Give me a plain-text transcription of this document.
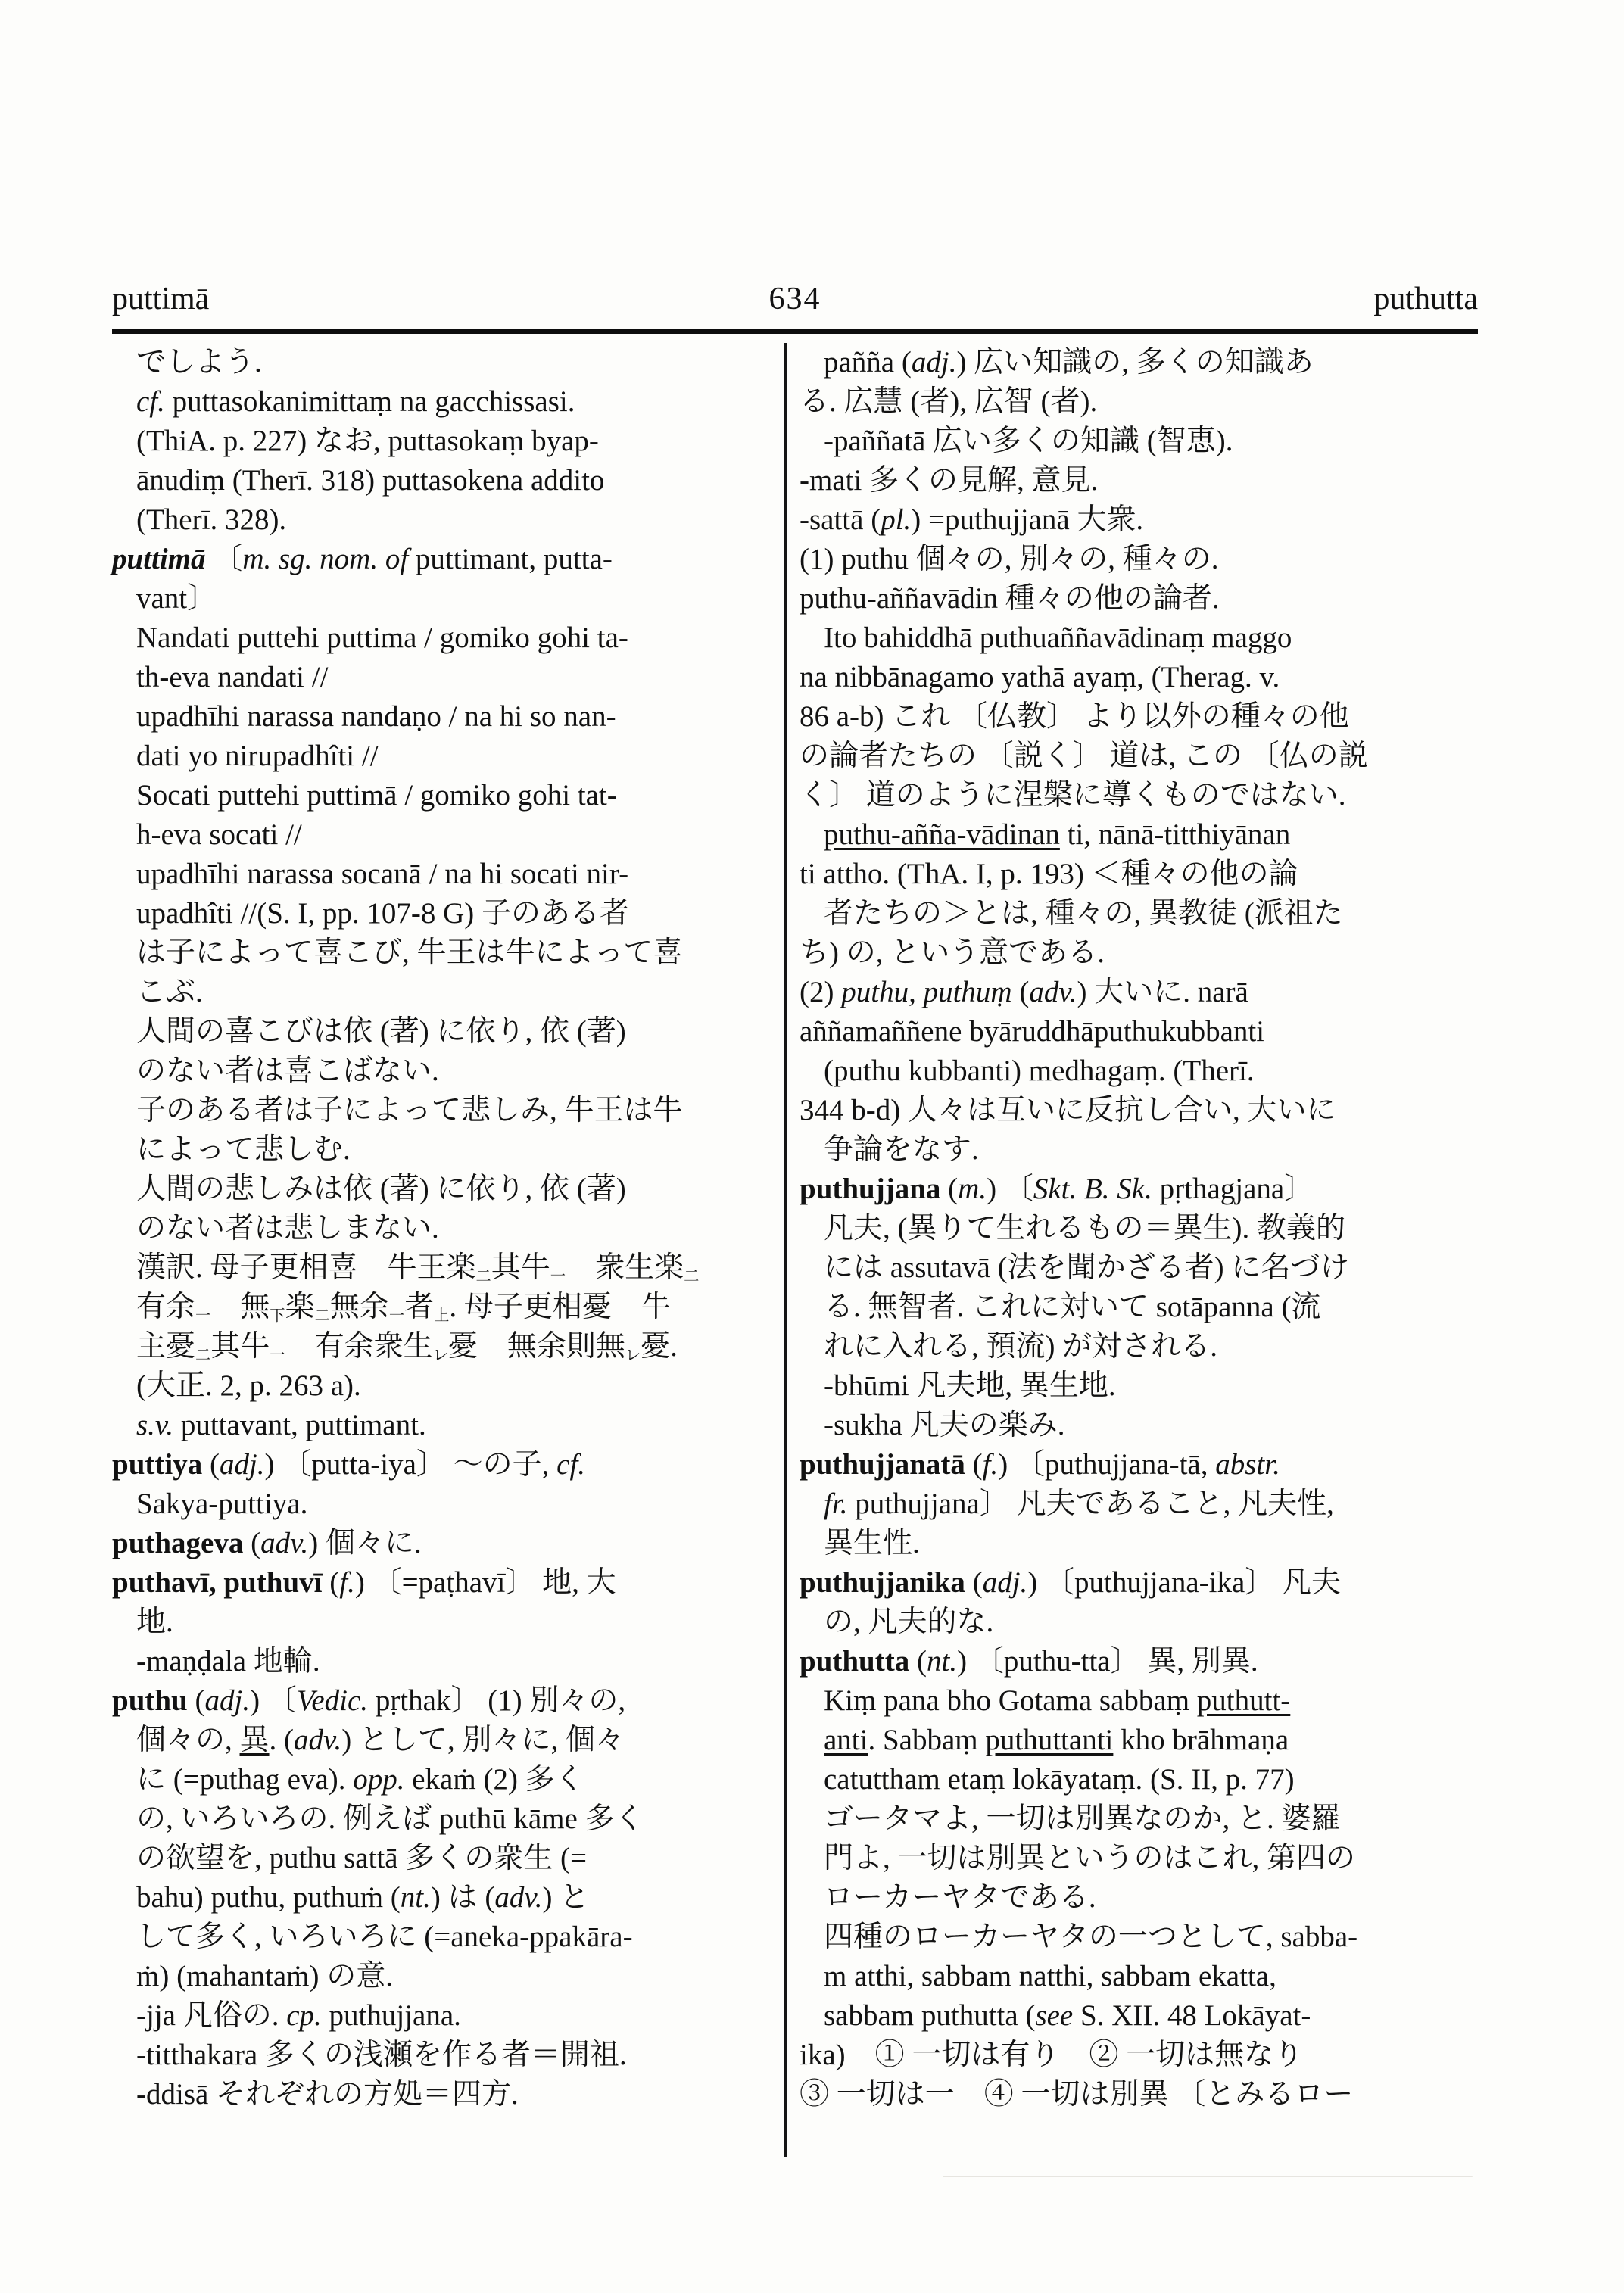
puttimā	634	puthutta
でしよう.
cf. puttasokanimittaṃ na gacchissasi.
(ThiA. p. 227) なお, puttasokaṃ byap-
ānudiṃ (Therī. 318) puttasokena addito
(Therī. 328).
puttimā 〔m. sg. nom. of puttimant, putta-
vant〕
Nandati puttehi puttima / gomiko gohi ta-
th-eva nandati //
upadhīhi narassa nandaṇo / na hi so nan-
dati yo nirupadhîti //
Socati puttehi puttimā / gomiko gohi tat-
h-eva socati //
upadhīhi narassa socanā / na hi socati nir-
upadhîti //(S. I, pp. 107-8 G) 子のある者
は子によって喜こび, 牛王は牛によって喜
こぶ.
人間の喜こびは依 (著) に依り, 依 (著)
のない者は喜こばない.
子のある者は子によって悲しみ, 牛王は牛
によって悲しむ.
人間の悲しみは依 (著) に依り, 依 (著)
のない者は悲しまない.
漢訳. 母子更相喜　牛王楽二其牛一　衆生楽二
有余一　無下楽二無余一者上. 母子更相憂　牛
主憂二其牛一　有余衆生レ憂　無余則無レ憂.
(大正. 2, p. 263 a).
s.v. puttavant, puttimant.
puttiya (adj.) 〔putta-iya〕 ～の子, cf.
Sakya-puttiya.
puthageva (adv.) 個々に.
puthavī, puthuvī (f.) 〔=paṭhavī〕 地, 大
地.
-maṇḍala 地輪.
puthu (adj.) 〔Vedic. pṛthak〕 (1) 別々の,
個々の, 異. (adv.) として, 別々に, 個々
に (=puthag eva). opp. ekaṁ (2) 多く
の, いろいろの. 例えば puthū kāme 多く
の欲望を, puthu sattā 多くの衆生 (=
bahu) puthu, puthuṁ (nt.) は (adv.) と
して多く, いろいろに (=aneka-ppakāra-
ṁ) (mahantaṁ) の意.
-jja 凡俗の. cp. puthujjana.
-titthakara 多くの浅瀬を作る者＝開祖.
-ddisā それぞれの方処＝四方.
pañña (adj.) 広い知識の, 多くの知識あ
る. 広慧 (者), 広智 (者).
-paññatā 広い多くの知識 (智恵).
-mati 多くの見解, 意見.
-sattā (pl.) =puthujjanā 大衆.
(1) puthu 個々の, 別々の, 種々の.
puthu-aññavādin 種々の他の論者.
Ito bahiddhā puthuaññavādinaṃ maggo
na nibbānagamo yathā ayaṃ, (Therag. v.
86 a-b) これ 〔仏教〕 より以外の種々の他
の論者たちの 〔説く〕 道は, この 〔仏の説
く〕 道のように涅槃に導くものではない.
puthu-añña-vādinan ti, nānā-titthiyānan
ti attho. (ThA. I, p. 193) ＜種々の他の論
者たちの＞とは, 種々の, 異教徒 (派祖た
ち) の, という意である.
(2) puthu, puthuṃ (adv.) 大いに. narā
aññamaññene byāruddhāputhukubbanti
(puthu kubbanti) medhagaṃ. (Therī.
344 b-d) 人々は互いに反抗し合い, 大いに
争論をなす.
puthujjana (m.) 〔Skt. B. Sk. pṛthagjana〕
凡夫, (異りて生れるもの＝異生). 教義的
には assutavā (法を聞かざる者) に名づけ
る. 無智者. これに対いて sotāpanna (流
れに入れる, 預流) が対される.
-bhūmi 凡夫地, 異生地.
-sukha 凡夫の楽み.
puthujjanatā (f.) 〔puthujjana-tā, abstr.
fr. puthujjana〕 凡夫であること, 凡夫性,
異生性.
puthujjanika (adj.) 〔puthujjana-ika〕 凡夫
の, 凡夫的な.
puthutta (nt.) 〔puthu-tta〕 異, 別異.
Kiṃ pana bho Gotama sabbaṃ puthutt-
anti. Sabbaṃ puthuttanti kho brāhmaṇa
catuttham etaṃ lokāyataṃ. (S. II, p. 77)
ゴータマよ, 一切は別異なのか, と. 婆羅
門よ, 一切は別異というのはこれ, 第四の
ローカーヤタである.
四種のローカーヤタの一つとして, sabba-
m atthi, sabbam natthi, sabbam ekatta,
sabbam puthutta (see S. XII. 48 Lokāyat-
ika)　① 一切は有り　② 一切は無なり
③ 一切は一　④ 一切は別異 〔とみるロー
